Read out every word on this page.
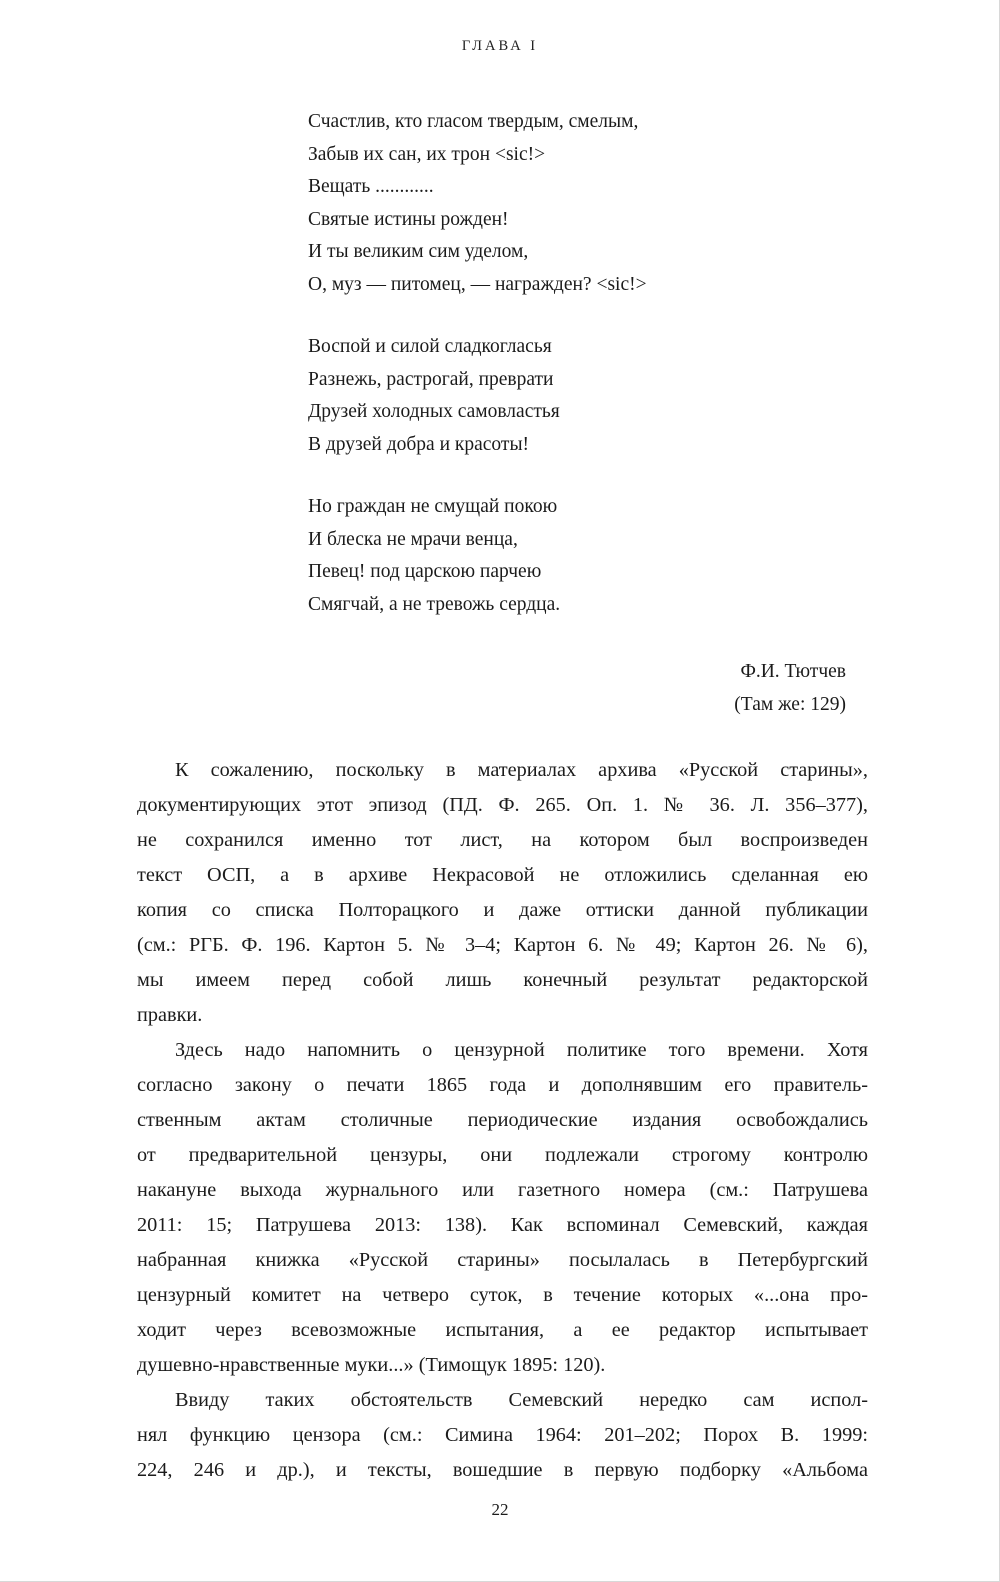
ГЛАВА I
Счастлив, кто гласом твердым, смелым,
Забыв их сан, их трон <sic!>
Вещать ............
Святые истины рожден!
И ты великим сим уделом,
О, муз — питомец, — награжден? <sic!>
Воспой и силой сладкогласья
Разнежь, растрогай, преврати
Друзей холодных самовластья
В друзей добра и красоты!
Но граждан не смущай покою
И блеска не мрачи венца,
Певец! под царскою парчею
Смягчай, а не тревожь сердца.
Ф.И. Тютчев
(Там же: 129)
К сожалению, поскольку в материалах архива «Русской старины»,
документирующих этот эпизод (ПД. Ф. 265. Оп. 1. № 36. Л. 356–377),
не сохранился именно тот лист, на котором был воспроизведен
текст ОСП, а в архиве Некрасовой не отложились сделанная ею
копия со списка Полторацкого и даже оттиски данной публикации
(см.: РГБ. Ф. 196. Картон 5. № 3–4; Картон 6. № 49; Картон 26. № 6),
мы имеем перед собой лишь конечный результат редакторской
правки.
Здесь надо напомнить о цензурной политике того времени. Хотя
согласно закону о печати 1865 года и дополнявшим его правитель-
ственным актам столичные периодические издания освобождались
от предварительной цензуры, они подлежали строгому контролю
накануне выхода журнального или газетного номера (см.: Патрушева
2011: 15; Патрушева 2013: 138). Как вспоминал Семевский, каждая
набранная книжка «Русской старины» посылалась в Петербургский
цензурный комитет на четверо суток, в течение которых «...она про-
ходит через всевозможные испытания, а ее редактор испытывает
душевно-нравственные муки...» (Тимощук 1895: 120).
Ввиду таких обстоятельств Семевский нередко сам испол-
нял функцию цензора (см.: Симина 1964: 201–202; Порох В. 1999:
224, 246 и др.), и тексты, вошедшие в первую подборку «Альбома
22
